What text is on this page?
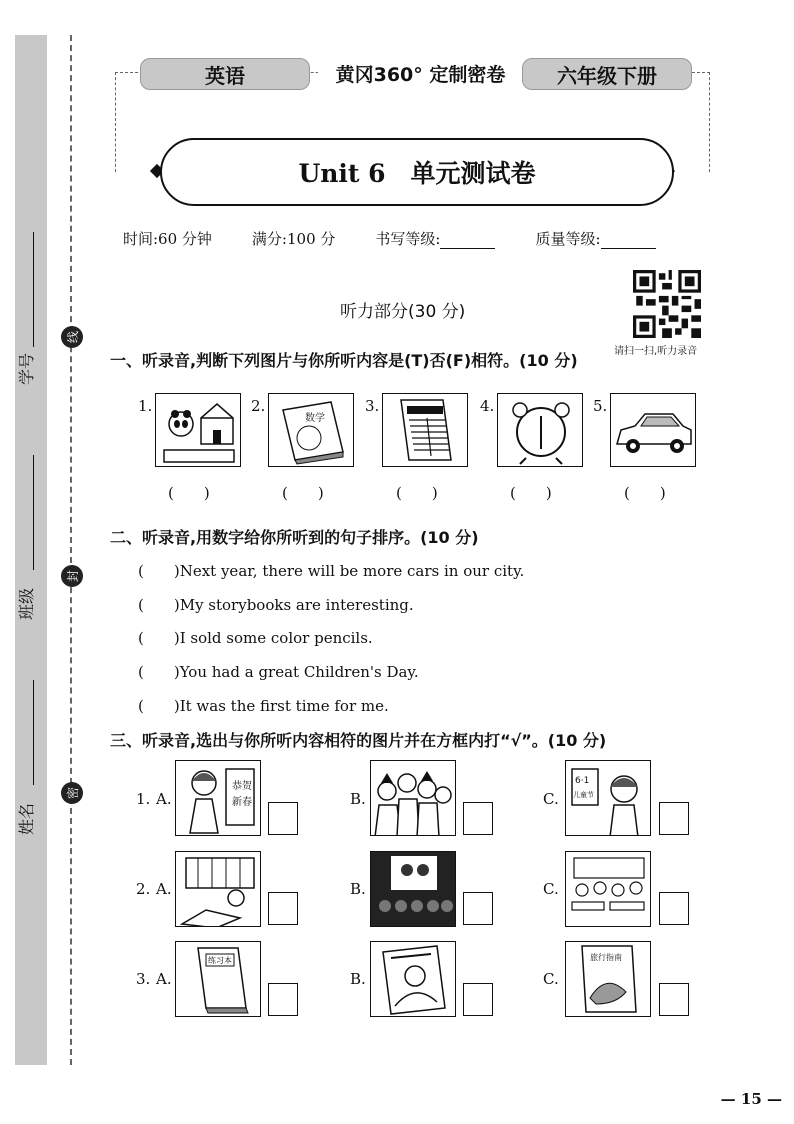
学号
班级
姓名
线
封
密
英语	黄冈360° 定制密卷	六年级下册
Unit 6　单元测试卷
时间:60 分钟	满分:100 分	书写等级:	质量等级:
听力部分(30 分)
请扫一扫,听力录音
一、听录音,判断下列图片与你所听内容是(T)否(F)相符。(10 分)
1.
(　　)
2.
数学
(　　)
3.
(　　)
4.
(　　)
5.
(　　)
二、听录音,用数字给你所听到的句子排序。(10 分)
(　　)Next year, there will be more cars in our city.
(　　)My storybooks are interesting.
(　　)I sold some color pencils.
(　　)You had a great Children's Day.
(　　)It was the first time for me.
三、听录音,选出与你所听内容相符的图片并在方框内打“√”。(10 分)
1. A.
恭贺
新春	B.	C.
6·1
儿童节
2. A.	B.	C.
3. A.
练习本
B.	C.
旅行指南
— 15 —
